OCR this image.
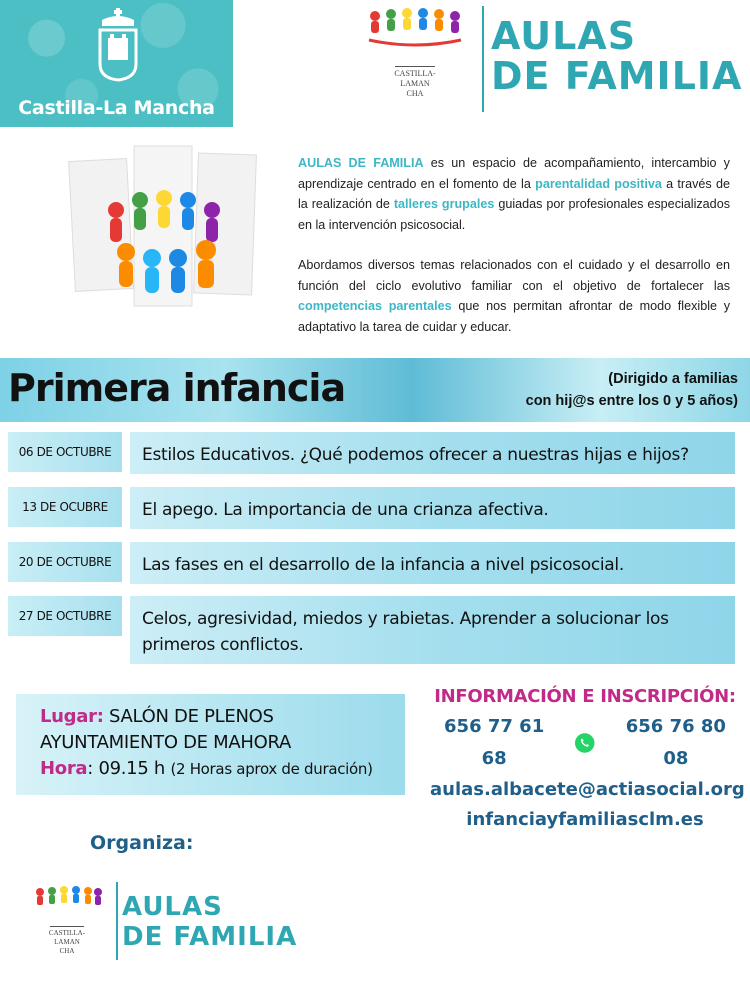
Castilla-La Mancha
CASTILLA-
LAMAN
CHA
AULAS
DE FAMILIA

AULAS DE FAMILIA es un espacio de acompañamiento, intercambio y aprendizaje centrado en el fomento de la parentalidad positiva a través de la realización de talleres grupales guiadas por profesionales especializados en la intervención psicosocial.

Abordamos diversos temas relacionados con el cuidado y el desarrollo en función del ciclo evolutivo familiar con el objetivo de fortalecer las competencias parentales que nos permitan afrontar de modo flexible y adaptativo la tarea de cuidar y educar.

Primera infancia	(Dirigido a familias
con hij@s entre los 0 y 5 años)
06 DE OCTUBRE	Estilos Educativos. ¿Qué podemos ofrecer a nuestras hijas e hijos?
13 DE OCUBRE	El apego. La importancia de una crianza afectiva.
20 DE OCTUBRE	Las fases en el desarrollo de la infancia a nivel psicosocial.
27 DE OCTUBRE	Celos, agresividad, miedos y rabietas. Aprender a solucionar los primeros conflictos.
Lugar: SALÓN DE PLENOS
AYUNTAMIENTO DE MAHORA
Hora: 09.15 h (2 Horas aprox de duración)
INFORMACIÓN E INSCRIPCIÓN:
656 77 61 68
656 76 80 08
aulas.albacete@actiasocial.org
infanciayfamiliasclm.es
Organiza:
CASTILLA-
LAMAN
CHA
AULAS
DE FAMILIA
